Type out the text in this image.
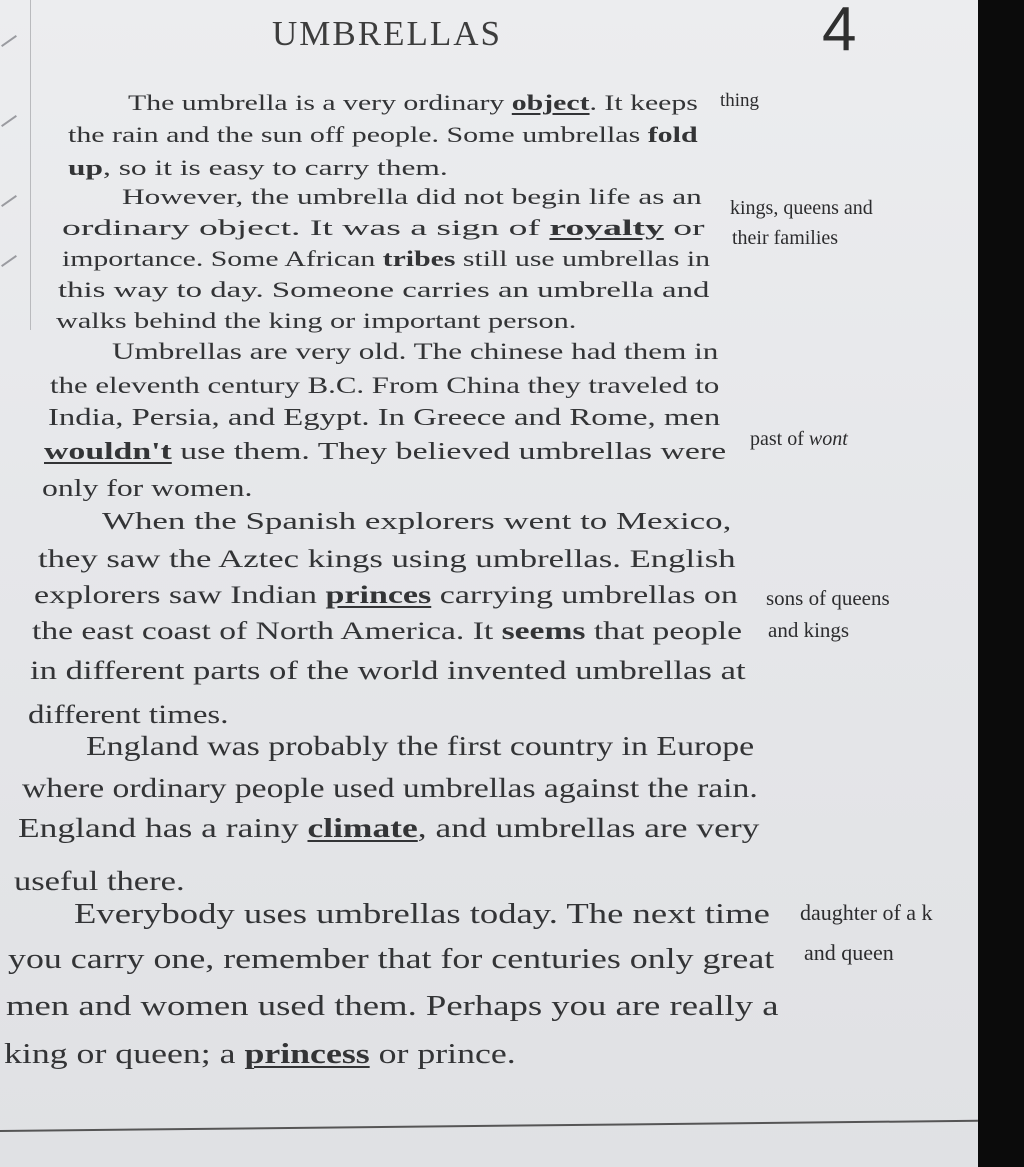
UMBRELLAS	4
The umbrella is a very ordinary object. It keeps
the rain and the sun off people. Some umbrellas fold
up, so it is easy to carry them.
However, the umbrella did not begin life as an
ordinary object. It was a sign of royalty or
importance. Some African tribes still use umbrellas in
this way to day. Someone carries an umbrella and
walks behind the king or important person.
Umbrellas are very old. The chinese had them in
the eleventh century B.C. From China they traveled to
India, Persia, and Egypt. In Greece and Rome, men
wouldn't use them. They believed umbrellas were
only for women.
When the Spanish explorers went to Mexico,
they saw the Aztec kings using umbrellas. English
explorers saw Indian princes carrying umbrellas on
the east coast of North America. It seems that people
in different parts of the world invented umbrellas at
different times.
England was probably the first country in Europe
where ordinary people used umbrellas against the rain.
England has a rainy climate, and umbrellas are very
useful there.
Everybody uses umbrellas today. The next time
you carry one, remember that for centuries only great
men and women used them. Perhaps you are really a
king or queen; a princess or prince.
thing
kings, queens and
their families
past of wont
sons of queens
and kings
daughter of a k
and queen
